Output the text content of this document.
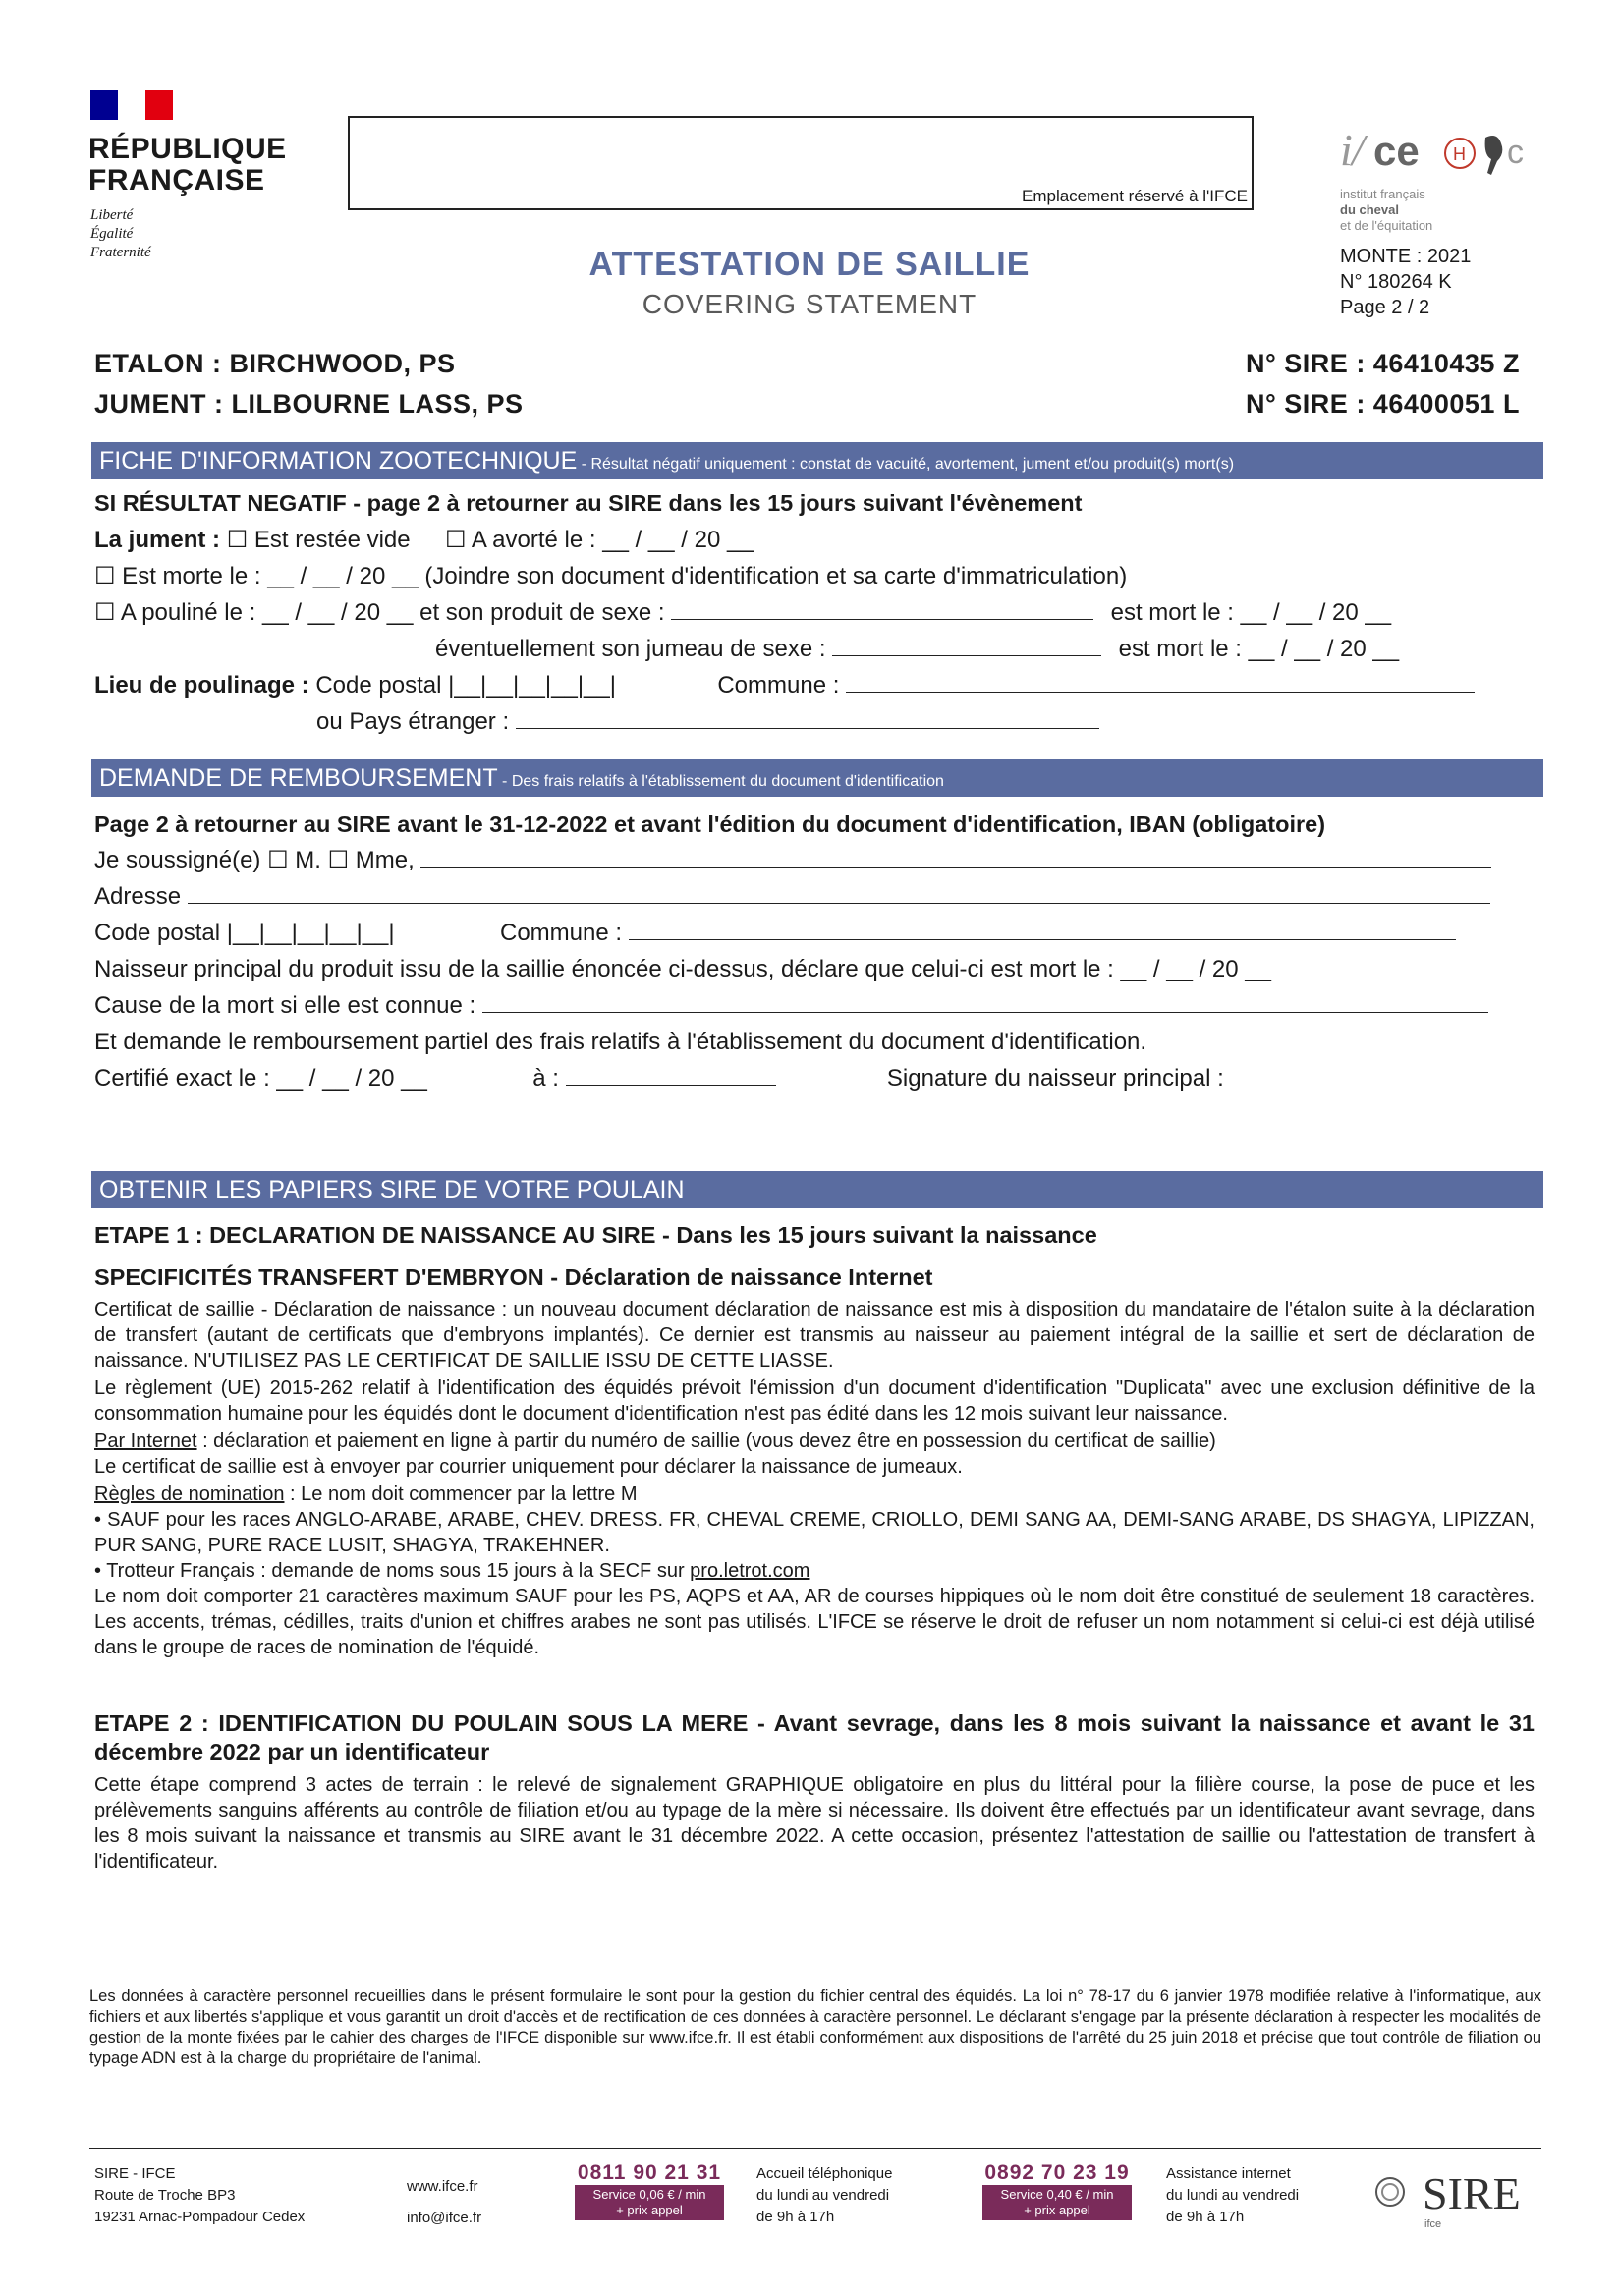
RÉPUBLIQUE
FRANÇAISE
Liberté
Égalité
Fraternité
Emplacement réservé à l'IFCE
i / ce H c
institut français
du cheval
et de l'équitation
MONTE : 2021
N° 180264 K
Page 2 / 2
ATTESTATION DE SAILLIE
COVERING STATEMENT
ETALON : BIRCHWOOD, PS
JUMENT : LILBOURNE LASS, PS
N° SIRE : 46410435 Z
N° SIRE : 46400051 L
FICHE D'INFORMATION ZOOTECHNIQUE - Résultat négatif uniquement : constat de vacuité, avortement, jument et/ou produit(s) mort(s)
SI RÉSULTAT NEGATIF - page 2 à retourner au SIRE dans les 15 jours suivant l'évènement
La jument : ☐ Est restée vide ☐ A avorté le : __ / __ / 20 __
☐ Est morte le : __ / __ / 20 __ (Joindre son document d'identification et sa carte d'immatriculation)
☐ A pouliné le : __ / __ / 20 __ et son produit de sexe :	est mort le : __ / __ / 20 __
éventuellement son jumeau de sexe :	est mort le : __ / __ / 20 __
Lieu de poulinage : Code postal |__|__|__|__|__|	Commune :
ou Pays étranger :
DEMANDE DE REMBOURSEMENT - Des frais relatifs à l'établissement du document d'identification
Page 2 à retourner au SIRE avant le 31-12-2022 et avant l'édition du document d'identification, IBAN (obligatoire)
Je soussigné(e) ☐ M. ☐ Mme,
Adresse
Code postal |__|__|__|__|__|	Commune :
Naisseur principal du produit issu de la saillie énoncée ci-dessus, déclare que celui-ci est mort le : __ / __ / 20 __
Cause de la mort si elle est connue :
Et demande le remboursement partiel des frais relatifs à l'établissement du document d'identification.
Certifié exact le : __ / __ / 20 __	à :	Signature du naisseur principal :
OBTENIR LES PAPIERS SIRE DE VOTRE POULAIN
ETAPE 1 : DECLARATION DE NAISSANCE AU SIRE - Dans les 15 jours suivant la naissance
SPECIFICITÉS TRANSFERT D'EMBRYON - Déclaration de naissance Internet

Certificat de saillie - Déclaration de naissance : un nouveau document déclaration de naissance est mis à disposition du mandataire de l'étalon suite à la déclaration de transfert (autant de certificats que d'embryons implantés). Ce dernier est transmis au naisseur au paiement intégral de la saillie et sert de déclaration de naissance. N'UTILISEZ PAS LE CERTIFICAT DE SAILLIE ISSU DE CETTE LIASSE.

Le règlement (UE) 2015-262 relatif à l'identification des équidés prévoit l'émission d'un document d'identification "Duplicata" avec une exclusion définitive de la consommation humaine pour les équidés dont le document d'identification n'est pas édité dans les 12 mois suivant leur naissance.

Par Internet : déclaration et paiement en ligne à partir du numéro de saillie (vous devez être en possession du certificat de saillie)

Le certificat de saillie est à envoyer par courrier uniquement pour déclarer la naissance de jumeaux.

Règles de nomination : Le nom doit commencer par la lettre M

• SAUF pour les races ANGLO-ARABE, ARABE, CHEV. DRESS. FR, CHEVAL CREME, CRIOLLO, DEMI SANG AA, DEMI-SANG ARABE, DS SHAGYA, LIPIZZAN, PUR SANG, PURE RACE LUSIT, SHAGYA, TRAKEHNER.

• Trotteur Français : demande de noms sous 15 jours à la SECF sur pro.letrot.com

Le nom doit comporter 21 caractères maximum SAUF pour les PS, AQPS et AA, AR de courses hippiques où le nom doit être constitué de seulement 18 caractères. Les accents, trémas, cédilles, traits d'union et chiffres arabes ne sont pas utilisés. L'IFCE se réserve le droit de refuser un nom notamment si celui-ci est déjà utilisé dans le groupe de races de nomination de l'équidé.

ETAPE 2 : IDENTIFICATION DU POULAIN SOUS LA MERE - Avant sevrage, dans les 8 mois suivant la naissance et avant le 31 décembre 2022 par un identificateur
Cette étape comprend 3 actes de terrain : le relevé de signalement GRAPHIQUE obligatoire en plus du littéral pour la filière course, la pose de puce et les prélèvements sanguins afférents au contrôle de filiation et/ou au typage de la mère si nécessaire. Ils doivent être effectués par un identificateur avant sevrage, dans les 8 mois suivant la naissance et transmis au SIRE avant le 31 décembre 2022. A cette occasion, présentez l'attestation de saillie ou l'attestation de transfert à l'identificateur.
Les données à caractère personnel recueillies dans le présent formulaire le sont pour la gestion du fichier central des équidés. La loi n° 78-17 du 6 janvier 1978 modifiée relative à l'informatique, aux fichiers et aux libertés s'applique et vous garantit un droit d'accès et de rectification de ces données à caractère personnel. Le déclarant s'engage par la présente déclaration à respecter les modalités de gestion de la monte fixées par le cahier des charges de l'IFCE disponible sur www.ifce.fr. Il est établi conformément aux dispositions de l'arrêté du 25 juin 2018 et précise que tout contrôle de filiation ou typage ADN est à la charge du propriétaire de l'animal.
SIRE - IFCE
Route de Troche BP3
19231 Arnac-Pompadour Cedex
www.ifce.fr
info@ifce.fr
0811 90 21 31
Service 0,06 € / min
+ prix appel
Accueil téléphonique
du lundi au vendredi
de 9h à 17h
0892 70 23 19
Service 0,40 € / min
+ prix appel
Assistance internet
du lundi au vendredi
de 9h à 17h	SIRE
ifce
